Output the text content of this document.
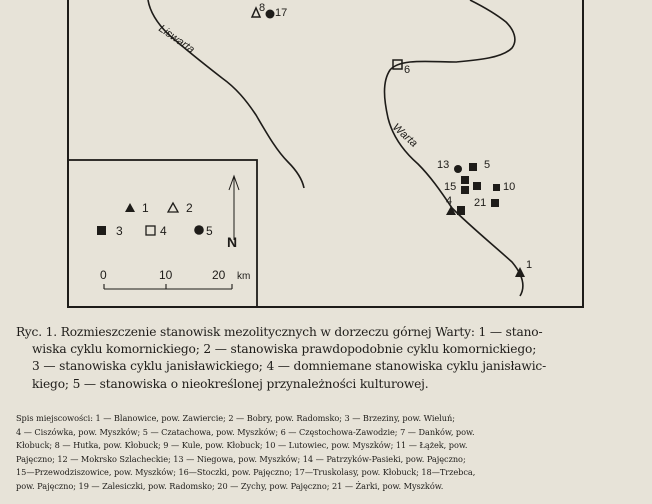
Liswarta
Warta
8 17
6
13	5
15	10
4 21
1
1	2
3	4	5
N
0	10	20 km

Ryc. 1. Rozmieszczenie stanowisk mezolitycznych w dorzeczu górnej Warty: 1 — stano-
wiska cyklu komornickiego; 2 — stanowiska prawdopodobnie cyklu komornickiego;
3 — stanowiska cyklu janisławickiego; 4 — domniemane stanowiska cyklu janisławic-
kiego; 5 — stanowiska o nieokreślonej przynależności kulturowej.

Spis miejscowości: 1 — Blanowice, pow. Zawiercie; 2 — Bobry, pow. Radomsko; 3 — Brzeziny, pow. Wieluń;
4 — Ciszówka, pow. Myszków; 5 — Czatachowa, pow. Myszków; 6 — Częstochowa-Zawodzie; 7 — Danków, pow.
Kłobuck; 8 — Hutka, pow. Kłobuck; 9 — Kule, pow. Kłobuck; 10 — Lutowiec, pow. Myszków; 11 — Łążek, pow.
Pajęczno; 12 — Mokrsko Szlacheckie; 13 — Niegowa, pow. Myszków; 14 — Patrzyków-Pasieki, pow. Pajęczno;
15—Przewodziszowice, pow. Myszków; 16—Stoczki, pow. Pajęczno; 17—Truskolasy, pow. Kłobuck; 18—Trzebca,
pow. Pajęczno; 19 — Zalesiczki, pow. Radomsko; 20 — Zychy, pow. Pajęczno; 21 — Żarki, pow. Myszków.
